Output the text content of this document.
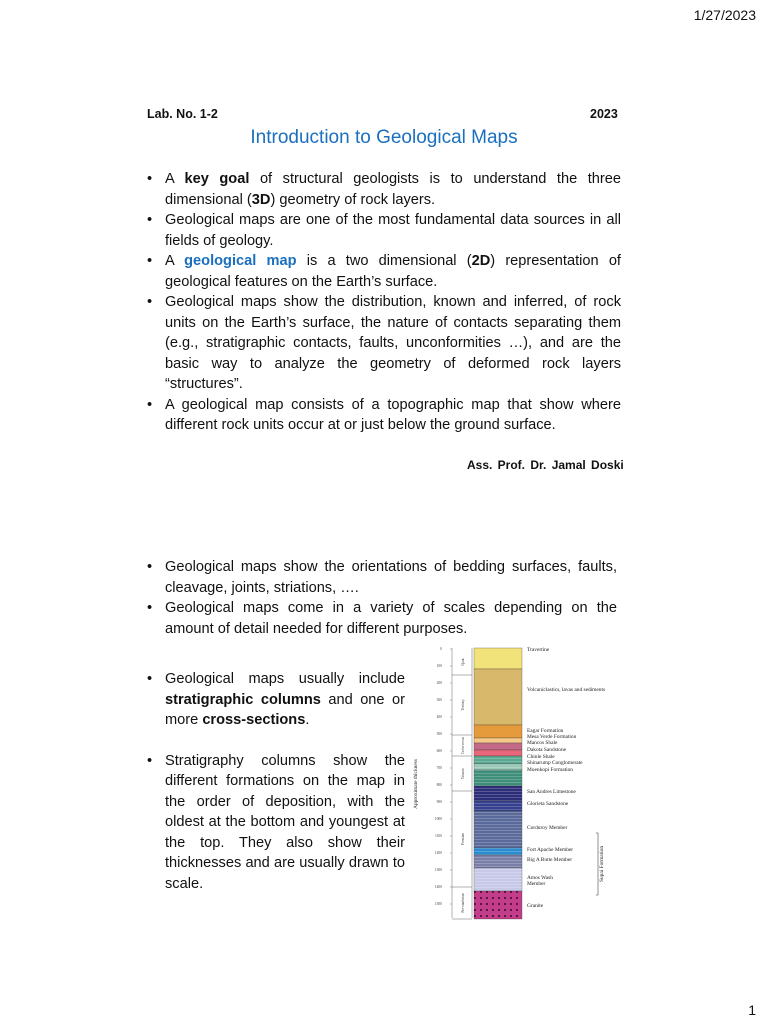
1/27/2023
Lab. No. 1-2	2023
Introduction to Geological Maps
• A key goal of structural geologists is to understand the three dimensional (3D) geometry of rock layers.
• Geological maps are one of the most fundamental data sources in all fields of geology.
• A geological map is a two dimensional (2D) representation of geological features on the Earth’s surface.
• Geological maps show the distribution, known and inferred, of rock units on the Earth’s surface, the nature of contacts separating them (e.g., stratigraphic contacts, faults, unconformities …), and are the basic way to analyze the geometry of deformed rock layers “structures”.
• A geological map consists of a topographic map that show where different rock units occur at or just below the ground surface.
Ass. Prof. Dr. Jamal Doski
• Geological maps show the orientations of bedding surfaces, faults, cleavage, joints, striations, ….
• Geological maps come in a variety of scales depending on the amount of detail needed for different purposes.
• Geological maps usually include stratigraphic columns and one or more cross-sections.
• Stratigraphy columns show the different formations on the map in the order of deposition, with the oldest at the bottom and youngest at the top. They also show their thicknesses and are usually drawn to scale.
Approximate thickness
0
100
200
300
400
500
600
700
800
900
1000
1100
1200
1300
1400
1500
Quat.
Tertiary
Creta-ceous
Triassic
Permian
Pre-cambrian
Travertine
Volcaniclastics, lavas and sediments
Eagar Formation
Mesa Verde Formation
Mancos Shale
Dakota Sandstone
Chinle Shale
Shinarump Conglomerate
Moenkopi Formation
San Andres Limestone
Glorieta Sandstone
Corduroy Member
Fort Apache Member
Big A Butte Member
Amos Wash
Member
Granite
Supai Formation
1
